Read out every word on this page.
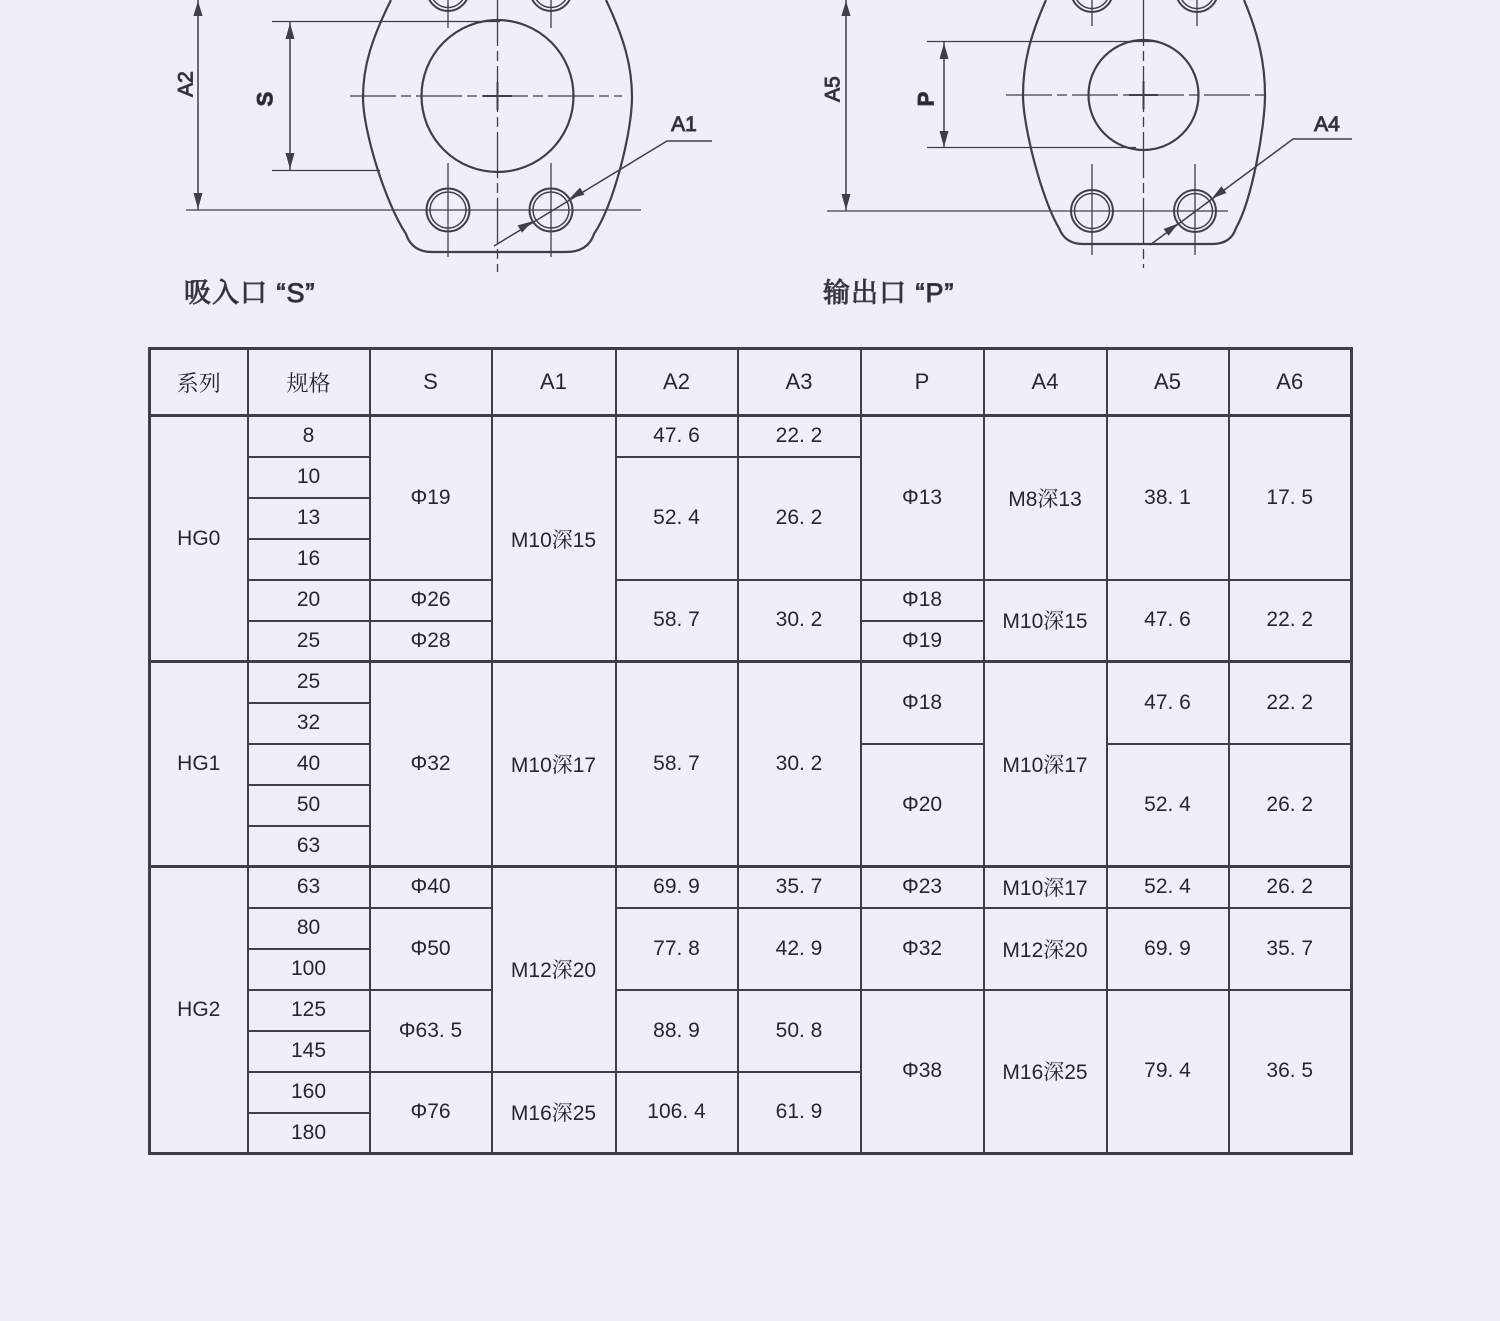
A2
S
A1
吸入口 “S”
A5	P
A4
输出口 “P”
系列	规格	S	A1	A2	A3	P	A4	A5	A6
HG0	8	Φ19	M10深15	47. 6	22. 2	Φ13	M8深13	38. 1	17. 5
	10			52. 4	26. 2				
	13								
	16								
	20	Φ26		58. 7	30. 2	Φ18	M10深15	47. 6	22. 2
	25	Φ28				Φ19			
HG1	25	Φ32	M10深17	58. 7	30. 2	Φ18	M10深17	47. 6	22. 2
	32								
	40					Φ20		52. 4	26. 2
	50								
	63								
HG2	63	Φ40	M12深20	69. 9	35. 7	Φ23	M10深17	52. 4	26. 2
	80	Φ50		77. 8	42. 9	Φ32	M12深20	69. 9	35. 7
	100								
	125	Φ63. 5		88. 9	50. 8	Φ38	M16深25	79. 4	36. 5
	145								
	160	Φ76	M16深25	106. 4	61. 9				
	180								
